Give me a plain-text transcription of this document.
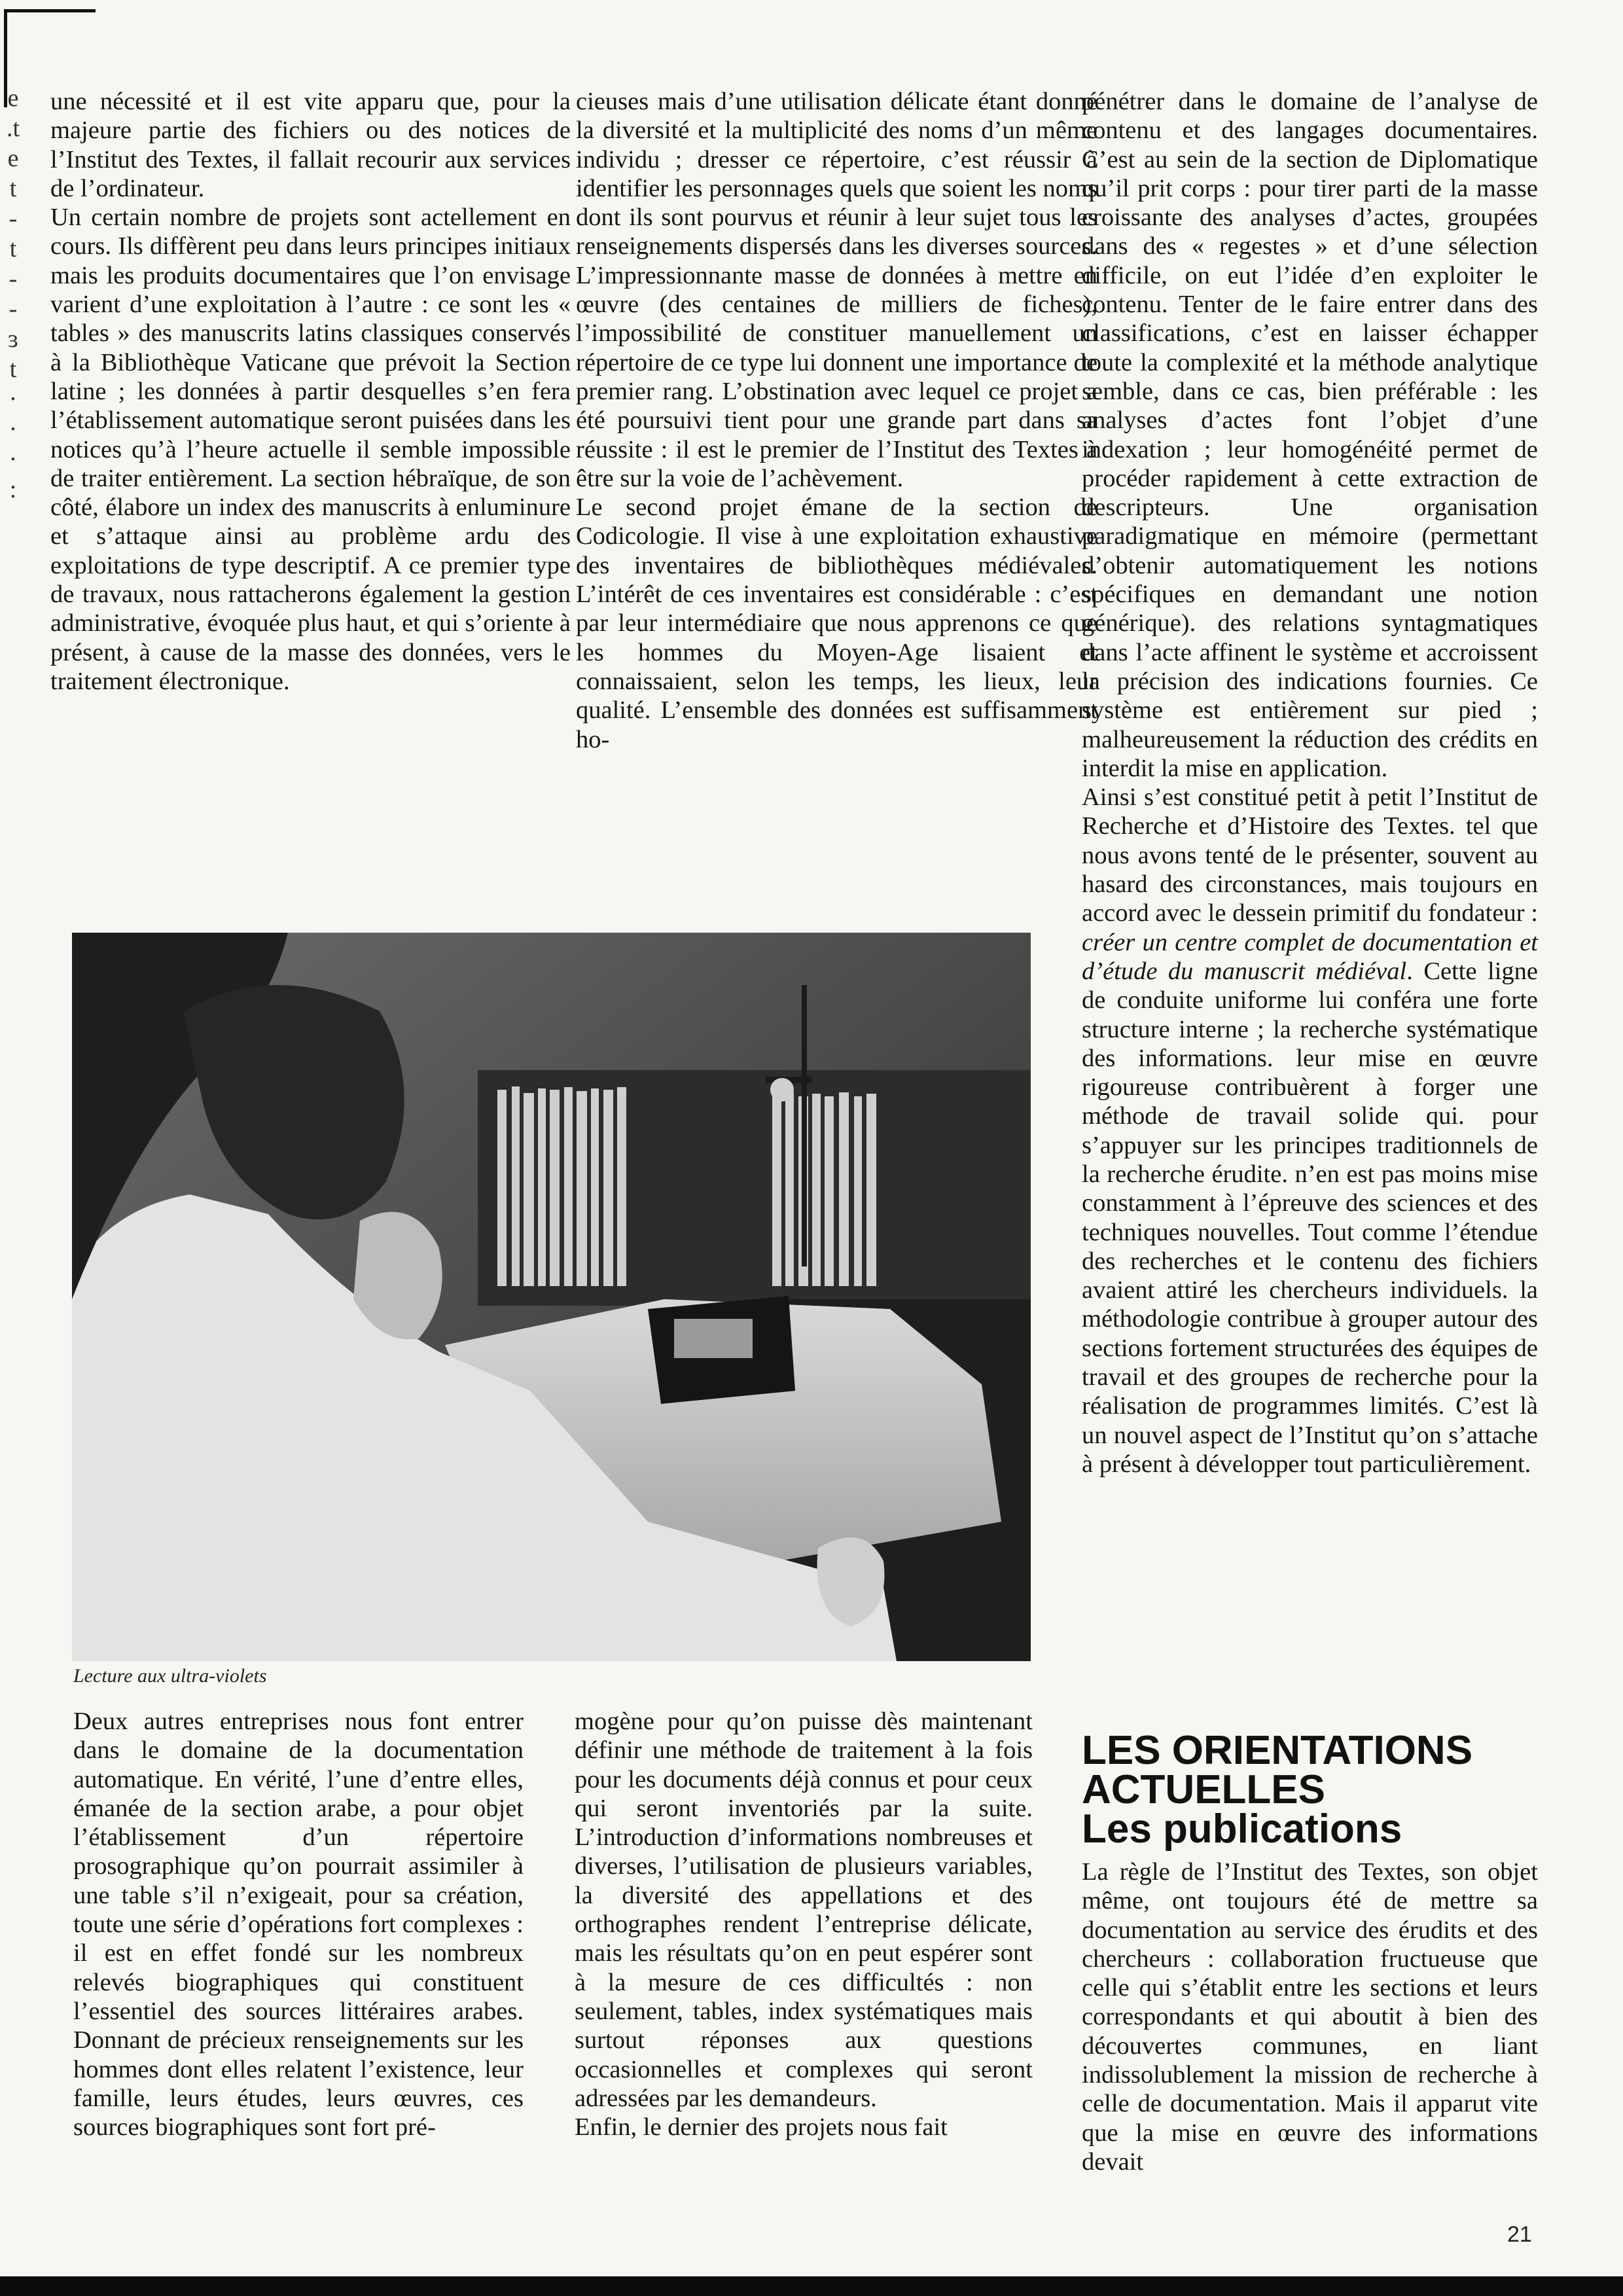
e
.t
e
t
-
t
-
-
ɜ
t
·
·
·
:

une nécessité et il est vite apparu que, pour la majeure partie des fichiers ou des notices de l’Institut des Textes, il fallait recourir aux services de l’ordinateur.

Un certain nombre de projets sont actellement en cours. Ils diffèrent peu dans leurs principes initiaux mais les produits documentaires que l’on envisage varient d’une exploitation à l’autre : ce sont les « tables » des manuscrits latins classiques conservés à la Bibliothèque Vaticane que prévoit la Section latine ; les données à partir desquelles s’en fera l’établissement automatique seront puisées dans les notices qu’à l’heure actuelle il semble impossible de traiter entièrement. La section hébraïque, de son côté, élabore un index des manuscrits à enluminure et s’attaque ainsi au problème ardu des exploitations de type descriptif. A ce premier type de travaux, nous rattacherons également la gestion administrative, évoquée plus haut, et qui s’oriente à présent, à cause de la masse des données, vers le traitement électronique.

cieuses mais d’une utilisation délicate étant donné la diversité et la multiplicité des noms d’un même individu ; dresser ce répertoire, c’est réussir à identifier les personnages quels que soient les noms dont ils sont pourvus et réunir à leur sujet tous les renseignements dispersés dans les diverses sources. L’impressionnante masse de données à mettre en œuvre (des centaines de milliers de fiches), l’impossibilité de constituer manuellement un répertoire de ce type lui donnent une importance de premier rang. L’obstination avec lequel ce projet a été poursuivi tient pour une grande part dans sa réussite : il est le premier de l’Institut des Textes à être sur la voie de l’achèvement.

Le second projet émane de la section de Codicologie. Il vise à une exploitation exhaustive des inventaires de bibliothèques médiévales. L’intérêt de ces inventaires est considérable : c’est par leur intermédiaire que nous apprenons ce que les hommes du Moyen-Age lisaient et connaissaient, selon les temps, les lieux, leur qualité. L’ensemble des données est suffisamment ho-

pénétrer dans le domaine de l’analyse de contenu et des langages documentaires. C’est au sein de la section de Diplomatique qu’il prit corps : pour tirer parti de la masse croissante des analyses d’actes, groupées dans des « regestes » et d’une sélection difficile, on eut l’idée d’en exploiter le contenu. Tenter de le faire entrer dans des classifications, c’est en laisser échapper toute la complexité et la méthode analytique semble, dans ce cas, bien préférable : les analyses d’actes font l’objet d’une indexation ; leur homogénéité permet de procéder rapidement à cette extraction de descripteurs. Une organisation paradigmatique en mémoire (permettant d’obtenir automatiquement les notions spécifiques en demandant une notion générique). des relations syntagmatiques dans l’acte affinent le système et accroissent la précision des indications fournies. Ce système est entièrement sur pied ; malheureusement la réduction des crédits en interdit la mise en application.

Ainsi s’est constitué petit à petit l’Institut de Recherche et d’Histoire des Textes. tel que nous avons tenté de le présenter, souvent au hasard des circonstances, mais toujours en accord avec le dessein primitif du fondateur : créer un centre complet de documentation et d’étude du manuscrit médiéval. Cette ligne de conduite uniforme lui conféra une forte structure interne ; la recherche systématique des informations. leur mise en œuvre rigoureuse contribuèrent à forger une méthode de travail solide qui. pour s’appuyer sur les principes traditionnels de la recherche érudite. n’en est pas moins mise constamment à l’épreuve des sciences et des techniques nouvelles. Tout comme l’étendue des recherches et le contenu des fichiers avaient attiré les chercheurs individuels. la méthodologie contribue à grouper autour des sections fortement structurées des équipes de travail et des groupes de recherche pour la réalisation de programmes limités. C’est là un nouvel aspect de l’Institut qu’on s’attache à présent à développer tout particulièrement.

LES ORIENTATIONS
ACTUELLES
Les publications

La règle de l’Institut des Textes, son objet même, ont toujours été de mettre sa documentation au service des érudits et des chercheurs : collaboration fructueuse que celle qui s’établit entre les sections et leurs correspondants et qui aboutit à bien des découvertes communes, en liant indissolublement la mission de recherche à celle de documentation. Mais il apparut vite que la mise en œuvre des informations devait

Lecture aux ultra-violets

Deux autres entreprises nous font entrer dans le domaine de la documentation automatique. En vérité, l’une d’entre elles, émanée de la section arabe, a pour objet l’établissement d’un répertoire prosographique qu’on pourrait assimiler à une table s’il n’exigeait, pour sa création, toute une série d’opérations fort complexes : il est en effet fondé sur les nombreux relevés biographiques qui constituent l’essentiel des sources littéraires arabes. Donnant de précieux renseignements sur les hommes dont elles relatent l’existence, leur famille, leurs études, leurs œuvres, ces sources biographiques sont fort pré-

mogène pour qu’on puisse dès maintenant définir une méthode de traitement à la fois pour les documents déjà connus et pour ceux qui seront inventoriés par la suite. L’introduction d’informations nombreuses et diverses, l’utilisation de plusieurs variables, la diversité des appellations et des orthographes rendent l’entreprise délicate, mais les résultats qu’on en peut espérer sont à la mesure de ces difficultés : non seulement, tables, index systématiques mais surtout réponses aux questions occasionnelles et complexes qui seront adressées par les demandeurs.

Enfin, le dernier des projets nous fait

21
